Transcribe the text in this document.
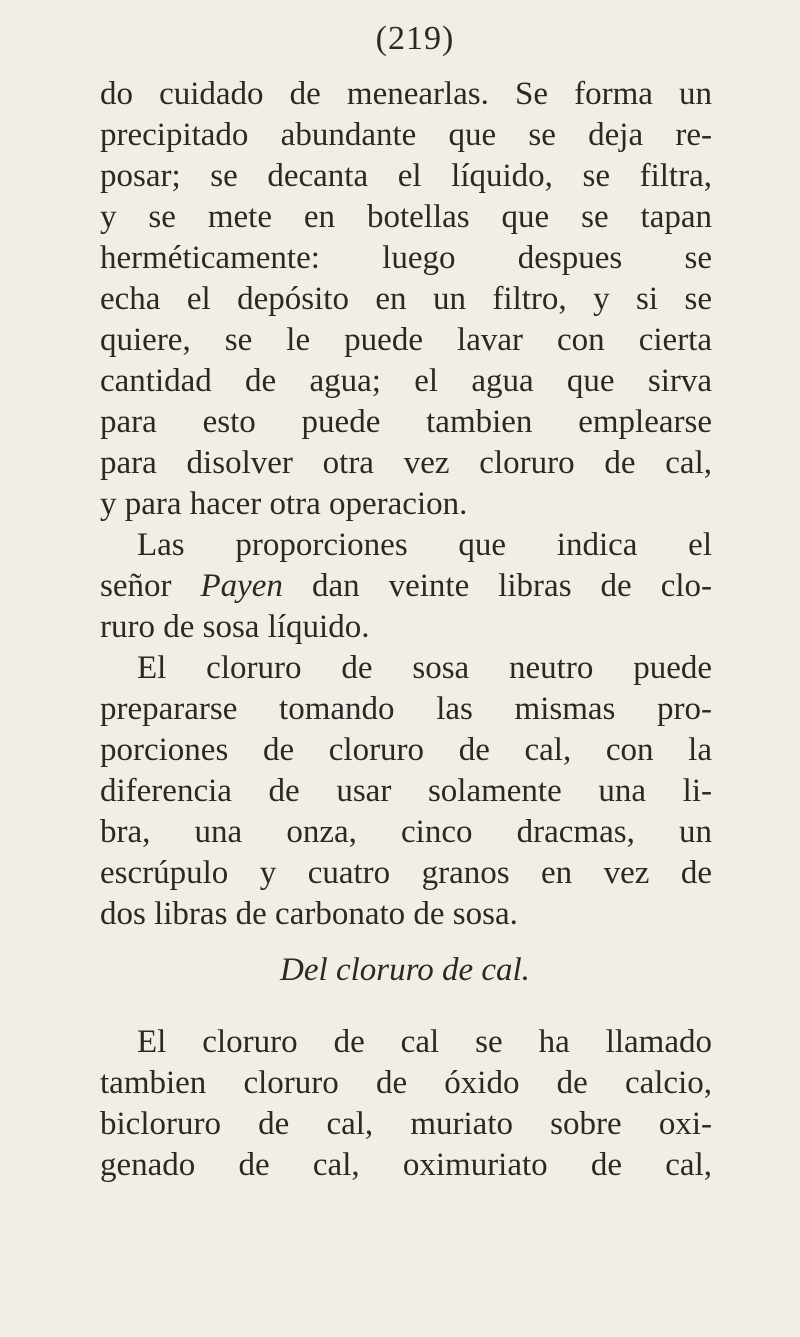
(219)
do cuidado de menearlas. Se forma un
precipitado abundante que se deja re-
posar; se decanta el líquido, se filtra,
y se mete en botellas que se tapan
herméticamente: luego despues se
echa el depósito en un filtro, y si se
quiere, se le puede lavar con cierta
cantidad de agua; el agua que sirva
para esto puede tambien emplearse
para disolver otra vez cloruro de cal,
y para hacer otra operacion.
Las proporciones que indica el
señor Payen dan veinte libras de clo-
ruro de sosa líquido.
El cloruro de sosa neutro puede
prepararse tomando las mismas pro-
porciones de cloruro de cal, con la
diferencia de usar solamente una li-
bra, una onza, cinco dracmas, un
escrúpulo y cuatro granos en vez de
dos libras de carbonato de sosa.
Del cloruro de cal.
El cloruro de cal se ha llamado
tambien cloruro de óxido de calcio,
bicloruro de cal, muriato sobre oxi-
genado de cal, oximuriato de cal,
